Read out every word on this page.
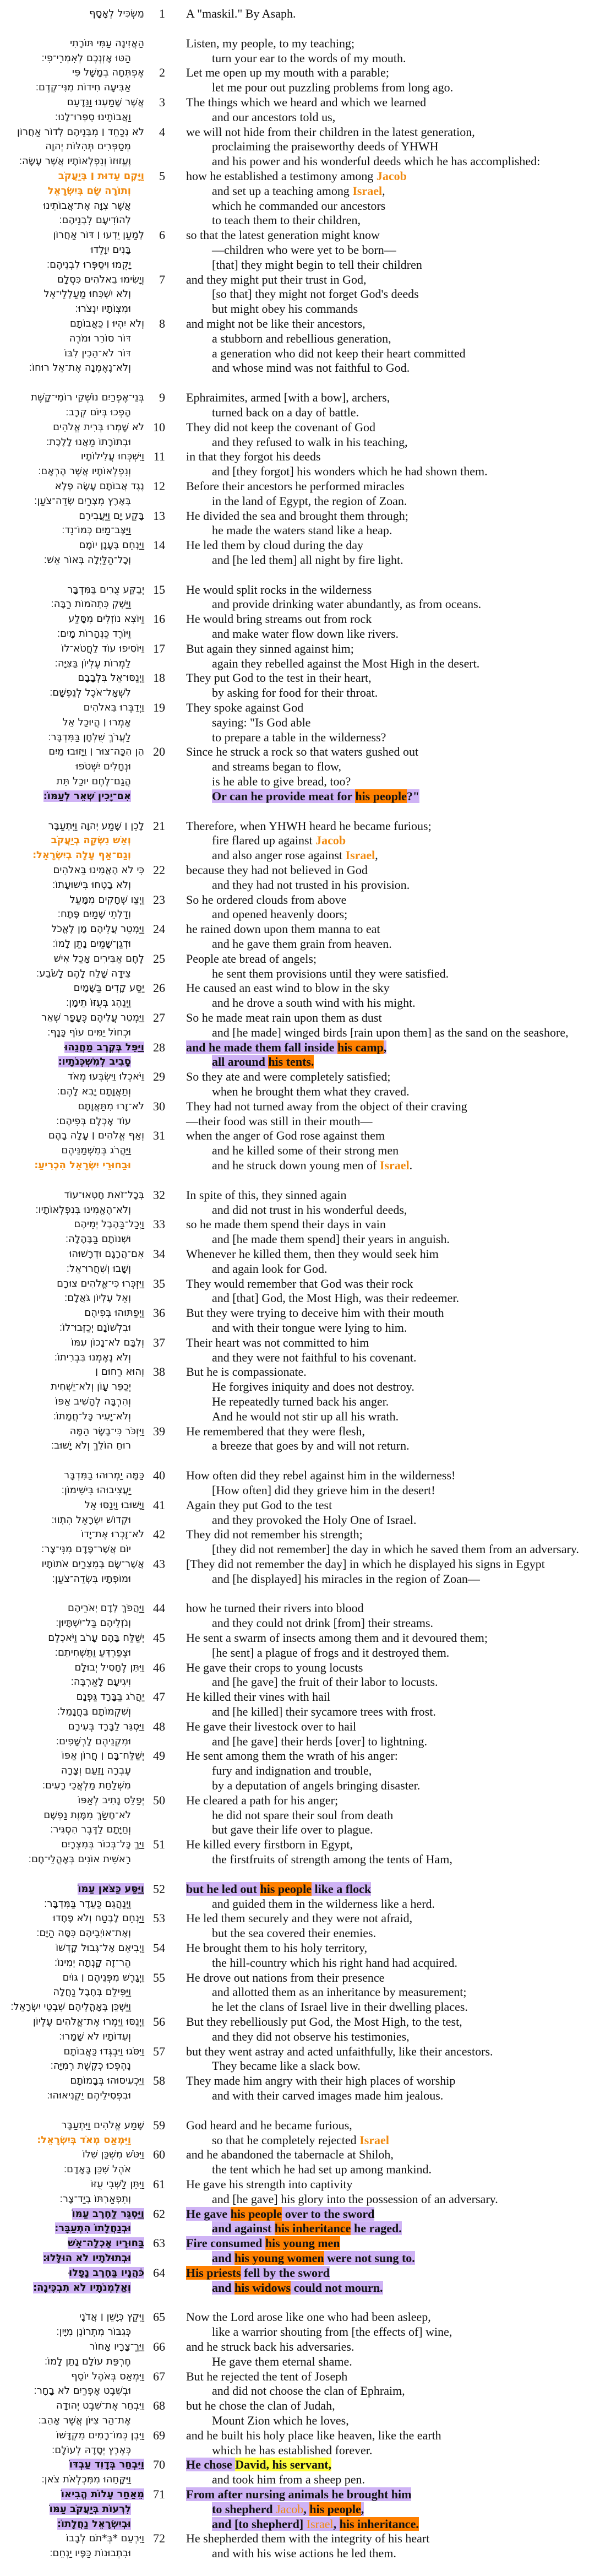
מַשְׂכִּיל לְאָסָף	1	A "maskil." By Asaph.
הַאֲזִינָה עַמִּי תּוֹרָתִי	Listen, my people, to my teaching;
הַטּוּ אָזְנְכֶם לְאִמְרֵי־פִי׃	turn your ear to the words of my mouth.
אֶפְתְּחָה בְמָשָׁל פִּי	2	Let me open up my mouth with a parable;
אַבִּיעָה חִידוֹת מִנִּי־קֶדֶם׃	let me pour out puzzling problems from long ago.
אֲשֶׁר שָׁמַעְנוּ וַנֵּדָעֵם	3	The things which we heard and which we learned
וַאֲבוֹתֵינוּ סִפְּרוּ־לָנוּ׃	and our ancestors told us,
לֹא נְכַחֵד ׀ מִבְּנֵיהֶם לְדוֹר אַחֲרוֹן	4	we will not hide from their children in the latest generation,
מְסַפְּרִים תְּהִלּוֹת יְהוָה	proclaiming the praiseworthy deeds of YHWH
וֶעֱזוּזוֹ וְנִפְלְאוֹתָיו אֲשֶׁר עָשָׂה׃	and his power and his wonderful deeds which he has accomplished:
וַיָּקֶם עֵדוּת ׀ בְּיַעֲקֹב	5	how he established a testimony among Jacob
וְתוֹרָה שָׂם בְּיִשְׂרָאֵל	and set up a teaching among Israel,
אֲשֶׁר צִוָּה אֶת־אֲבוֹתֵינוּ	which he commanded our ancestors
לְהוֹדִיעָם לִבְנֵיהֶם׃	to teach them to their children,
לְמַעַן יֵדְעוּ ׀ דּוֹר אַחֲרוֹן	6	so that the latest generation might know
בָּנִים יִוָּלֵדוּ	—children who were yet to be born—
יָקֻמוּ וִיסַפְּרוּ לִבְנֵיהֶם׃	[that] they might begin to tell their children
וְיָשִׂימוּ בֵאלֹהִים כִּסְלָם	7	and they might put their trust in God,
וְלֹא יִשְׁכְּחוּ מַעַלְלֵי־אֵל	[so that] they might not forget God's deeds
וּמִצְוֺתָיו יִנְצֹרוּ׃	but might obey his commands
וְלֹא יִהְיוּ ׀ כַּאֲבוֹתָם	8	and might not be like their ancestors,
דּוֹר סוֹרֵר וּמֹרֶה	a stubborn and rebellious generation,
דּוֹר לֹא־הֵכִין לִבּוֹ	a generation who did not keep their heart committed
וְלֹא־נֶאֶמְנָה אֶת־אֵל רוּחוֹ׃	and whose mind was not faithful to God.
בְּנֵי־אֶפְרַיִם נוֹשְׁקֵי רוֹמֵי־קָשֶׁת	9	Ephraimites, armed [with a bow], archers,
הָפְכוּ בְּיוֹם קְרָב׃	turned back on a day of battle.
לֹא שָׁמְרוּ בְּרִית אֱלֹהִים 10	They did not keep the covenant of God
וּבְתוֹרָתוֹ מֵאֲנוּ לָלֶכֶת׃	and they refused to walk in his teaching,
וַיִּשְׁכְּחוּ עֲלִילוֹתָיו 11	in that they forgot his deeds
וְנִפְלְאוֹתָיו אֲשֶׁר הֶרְאָם׃	and [they forgot] his wonders which he had shown them.
נֶגֶד אֲבוֹתָם עָשָׂה פֶלֶא 12	Before their ancestors he performed miracles
בְּאֶרֶץ מִצְרַיִם שְׂדֵה־צֹעַן׃	in the land of Egypt, the region of Zoan.
בָּקַע יָם וַיַּעֲבִירֵם 13	He divided the sea and brought them through;
וַיַּצֶּב־מַיִם כְּמוֹ־נֵד׃	he made the waters stand like a heap.
וַיַּנְחֵם בֶּעָנָן יוֹמָם 14	He led them by cloud during the day
וְכָל־הַלַּיְלָה בְּאוֹר אֵשׁ׃	and [he led them] all night by fire light.
יְבַקַּע צֻרִים בַּמִּדְבָּר 15	He would split rocks in the wilderness
וַיַּשְׁקְ כִּתְהֹמוֹת רַבָּה׃	and provide drinking water abundantly, as from oceans.
וַיּוֹצִא נוֹזְלִים מִסָּלַע 16	He would bring streams out from rock
וַיּוֹרֶד כַּנְּהָרוֹת מָיִם׃	and make water flow down like rivers.
וַיּוֹסִיפוּ עוֹד לַחֲטֹא־לוֹ 17	But again they sinned against him;
לַמְרוֹת עֶלְיוֹן בַּצִּיָּה׃	again they rebelled against the Most High in the desert.
וַיְנַסּוּ־אֵל בִּלְבָבָם 18	They put God to the test in their heart,
לִשְׁאָל־אֹכֶל לְנַפְשָׁם׃	by asking for food for their throat.
וַיְדַבְּרוּ בֵּאלֹהִים 19	They spoke against God
אָמְרוּ ׀ הֲיוּכַל אֵל	saying: "Is God able
לַעֲרֹךְ שֻׁלְחָן בַּמִּדְבָּר׃	to prepare a table in the wilderness?
הֵן הִכָּה־צוּר ׀ וַיָּזוּבוּ מַיִם 20	Since he struck a rock so that waters gushed out
וּנְחָלִים יִשְׁטֹפוּ	and streams began to flow,
הֲגַם־לֶחֶם יוּכַל תֵּת	is he able to give bread, too?
אִם־יָכִין שְׁאֵר לְעַמּוֹ׃	Or can he provide meat for his people?"
לָכֵן ׀ שָׁמַע יְהוָה וַיִּתְעַבָּר 21	Therefore, when YHWH heard he became furious;
וְאֵשׁ נִשְּׂקָה בְיַעֲקֹב	fire flared up against Jacob
וְגַם־אַף עָלָה בְיִשְׂרָאֵל׃	and also anger rose against Israel,
כִּי לֹא הֶאֱמִינוּ בֵּאלֹהִים 22	because they had not believed in God
וְלֹא בָטְחוּ בִּישׁוּעָתוֹ׃	and they had not trusted in his provision.
וַיְצַו שְׁחָקִים מִמָּעַל 23	So he ordered clouds from above
וְדַלְתֵי שָׁמַיִם פָּתָח׃	and opened heavenly doors;
וַיַּמְטֵר עֲלֵיהֶם מָן לֶאֱכֹל 24	he rained down upon them manna to eat
וּדְגַן־שָׁמַיִם נָתַן לָמוֹ׃	and he gave them grain from heaven.
לֶחֶם אַבִּירִים אָכַל אִישׁ 25	People ate bread of angels;
צֵידָה שָׁלַח לָהֶם לָשֹׂבַע׃	he sent them provisions until they were satisfied.
יַסַּע קָדִים בַּשָּׁמָיִם 26	He caused an east wind to blow in the sky
וַיְנַהֵג בְּעֻזּוֹ תֵימָן׃	and he drove a south wind with his might.
וַיַּמְטֵר עֲלֵיהֶם כֶּעָפָר שְׁאֵר 27	So he made meat rain upon them as dust
וּכְחוֹל יַמִּים עוֹף כָּנָף׃	and [he made] winged birds [rain upon them] as the sand on the seashore,
וַיַּפֵּל בְּקֶרֶב מַחֲנֵהוּ 28	and he made them fall inside his camp,
סָבִיב לְמִשְׁכְּנֹתָיו׃	all around his tents.
וַיֹּאכְלוּ וַיִּשְׂבְּעוּ מְאֹד 29	So they ate and were completely satisfied;
וְתַאֲוָתָם יָבִא לָהֶם׃	when he brought them what they craved.
לֹא־זָרוּ מִתַּאֲוָתָם 30	They had not turned away from the object of their craving
עוֹד אָכְלָם בְּפִיהֶם׃	—their food was still in their mouth—
וְאַף אֱלֹהִים ׀ עָלָה בָהֶם 31	when the anger of God rose against them
וַיַּהֲרֹג בְּמִשְׁמַנֵּיהֶם	and he killed some of their strong men
וּבַחוּרֵי יִשְׂרָאֵל הִכְרִיעַ׃	and he struck down young men of Israel.
בְּכָל־זֹאת חָטְאוּ־עוֹד 32	In spite of this, they sinned again
וְלֹא־הֶאֱמִינוּ בְּנִפְלְאוֹתָיו׃	and did not trust in his wonderful deeds,
וַיְכַל־בַּהֶבֶל יְמֵיהֶם 33	so he made them spend their days in vain
וּשְׁנוֹתָם בַּבֶּהָלָה׃	and [he made them spend] their years in anguish.
אִם־הֲרָגָם וּדְרָשׁוּהוּ 34	Whenever he killed them, then they would seek him
וְשָׁבוּ וְשִׁחֲרוּ־אֵל׃	and again look for God.
וַיִּזְכְּרוּ כִּי־אֱלֹהִים צוּרָם 35	They would remember that God was their rock
וְאֵל עֶלְיוֹן גֹּאֲלָם׃	and [that] God, the Most High, was their redeemer.
וַיְפַתּוּהוּ בְּפִיהֶם 36	But they were trying to deceive him with their mouth
וּבִלְשׁוֹנָם יְכַזְּבוּ־לוֹ׃	and with their tongue were lying to him.
וְלִבָּם לֹא־נָכוֹן עִמּוֹ 37	Their heart was not committed to him
וְלֹא נֶאֶמְנוּ בִּבְרִיתוֹ׃	and they were not faithful to his covenant.
וְהוּא רַחוּם ׀ 38	But he is compassionate.
יְכַפֵּר עָוֺן וְלֹא־יַשְׁחִית	He forgives iniquity and does not destroy.
וְהִרְבָּה לְהָשִׁיב אַפּוֹ	He repeatedly turned back his anger.
וְלֹא־יָעִיר כָּל־חֲמָתוֹ׃	And he would not stir up all his wrath.
וַיִּזְכֹּר כִּי־בָשָׂר הֵמָּה 39	He remembered that they were flesh,
רוּחַ הוֹלֵךְ וְלֹא יָשׁוּב׃	a breeze that goes by and will not return.
כַּמָּה יַמְרוּהוּ בַמִּדְבָּר 40	How often did they rebel against him in the wilderness!
יַעֲצִיבוּהוּ בִּישִׁימוֹן׃	[How often] did they grieve him in the desert!
וַיָּשׁוּבוּ וַיְנַסּוּ אֵל 41	Again they put God to the test
וּקְדוֹשׁ יִשְׂרָאֵל הִתְווּ׃	and they provoked the Holy One of Israel.
לֹא־זָכְרוּ אֶת־יָדוֹ 42	They did not remember his strength;
יוֹם אֲשֶׁר־פָּדָם מִנִּי־צָר׃	[they did not remember] the day in which he saved them from an adversary.
אֲשֶׁר־שָׂם בְּמִצְרַיִם אֹתוֹתָיו 43	[They did not remember the day] in which he displayed his signs in Egypt
וּמוֹפְתָיו בִּשְׂדֵה־צֹעַן׃	and [he displayed] his miracles in the region of Zoan—
וַיַּהֲפֹךְ לְדָם יְאֹרֵיהֶם 44	how he turned their rivers into blood
וְנֹזְלֵיהֶם בַּל־יִשְׁתָּיוּן׃	and they could not drink [from] their streams.
יְשַׁלַּח בָּהֶם עָרֹב וַיֹּאכְלֵם 45	He sent a swarm of insects among them and it devoured them;
וּצְפַרְדֵּעַ וַתַּשְׁחִיתֵם׃	[he sent] a plague of frogs and it destroyed them.
וַיִּתֵּן לֶחָסִיל יְבוּלָם 46	He gave their crops to young locusts
וִיגִיעָם לָאַרְבֶּה׃	and [he gave] the fruit of their labor to locusts.
יַהֲרֹג בַּבָּרָד גַּפְנָם 47	He killed their vines with hail
וְשִׁקְמוֹתָם בַּחֲנָמַל׃	and [he killed] their sycamore trees with frost.
וַיַּסְגֵּר לַבָּרָד בְּעִירָם 48	He gave their livestock over to hail
וּמִקְנֵיהֶם לָרְשָׁפִים׃	and [he gave] their herds [over] to lightning.
יְשַׁלַּח־בָּם ׀ חֲרוֹן אַפּוֹ 49	He sent among them the wrath of his anger:
עֶבְרָה וָזַעַם וְצָרָה	fury and indignation and trouble,
מִשְׁלַחַת מַלְאֲכֵי רָעִים׃	by a deputation of angels bringing disaster.
יְפַלֵּס נָתִיב לְאַפּוֹ 50	He cleared a path for his anger;
לֹא־חָשַׂךְ מִמָּוֶת נַפְשָׁם	he did not spare their soul from death
וְחַיָּתָם לַדֶּבֶר הִסְגִּיר׃	but gave their life over to plague.
וַיַּךְ כָּל־בְּכוֹר בְּמִצְרָיִם 51	He killed every firstborn in Egypt,
רֵאשִׁית אוֹנִים בְּאָהֳלֵי־חָם׃	the firstfruits of strength among the tents of Ham,
וַיַּסַּע כַּצֹּאן עַמּוֹ 52	but he led out his people like a flock
וַיְנַהֲגֵם כַּעֵדֶר בַּמִּדְבָּר׃	and guided them in the wilderness like a herd.
וַיַּנְחֵם לָבֶטַח וְלֹא פָחָדוּ 53	He led them securely and they were not afraid,
וְאֶת־אוֹיְבֵיהֶם כִּסָּה הַיָּם׃	but the sea covered their enemies.
וַיְבִיאֵם אֶל־גְּבוּל קָדְשׁוֹ 54	He brought them to his holy territory,
הַר־זֶה קָנְתָה יְמִינוֹ׃	the hill-country which his right hand had acquired.
וַיְגָרֶשׁ מִפְּנֵיהֶם ׀ גּוֹיִם 55	He drove out nations from their presence
וַיַּפִּילֵם בְּחֶבֶל נַחֲלָה	and allotted them as an inheritance by measurement;
וַיַּשְׁכֵּן בְּאָהֳלֵיהֶם שִׁבְטֵי יִשְׂרָאֵל׃	he let the clans of Israel live in their dwelling places.
וַיְנַסּוּ וַיַּמְרוּ אֶת־אֱלֹהִים עֶלְיוֹן 56	But they rebelliously put God, the Most High, to the test,
וְעֵדוֹתָיו לֹא שָׁמָרוּ׃	and they did not observe his testimonies,
וַיִּסֹּגוּ וַיִּבְגְּדוּ כַּאֲבוֹתָם 57	but they went astray and acted unfaithfully, like their ancestors.
נֶהְפְּכוּ כְּקֶשֶׁת רְמִיָּה׃	They became like a slack bow.
וַיַּכְעִיסוּהוּ בְּבָמוֹתָם 58	They made him angry with their high places of worship
וּבִפְסִילֵיהֶם יַקְנִיאוּהוּ׃	and with their carved images made him jealous.
שָׁמַע אֱלֹהִים וַיִּתְעַבָּר 59	God heard and he became furious,
וַיִּמְאַס מְאֹד בְּיִשְׂרָאֵל׃	so that he completely rejected Israel
וַיִּטֹּשׁ מִשְׁכַּן שִׁלוֹ 60	and he abandoned the tabernacle at Shiloh,
אֹהֶל שִׁכֵּן בָּאָדָם׃	the tent which he had set up among mankind.
וַיִּתֵּן לַשְּׁבִי עֻזּוֹ 61	He gave his strength into captivity
וְתִפְאַרְתּוֹ בְיַד־צָר׃	and [he gave] his glory into the possession of an adversary.
וַיַּסְגֵּר לַחֶרֶב עַמּוֹ 62	He gave his people over to the sword
וּבְנַחֲלָתוֹ הִתְעַבָּר׃	and against his inheritance he raged.
בַּחוּרָיו אָכְלָה־אֵשׁ 63	Fire consumed his young men
וּבְתוּלֹתָיו לֹא הוּלָּלוּ׃	and his young women were not sung to.
כֹּהֲנָיו בַּחֶרֶב נָפָלוּ 64	His priests fell by the sword
וְאַלְמְנֹתָיו לֹא תִבְכֶּינָה׃	and his widows could not mourn.
וַיִּקַץ כְּיָשֵׁן ׀ אֲדֹנָי 65	Now the Lord arose like one who had been asleep,
כְּגִבּוֹר מִתְרוֹנֵן מִיָּיִן׃	like a warrior shouting from [the effects of] wine,
וַיַּךְ־צָרָיו אָחוֹר 66	and he struck back his adversaries.
חֶרְפַּת עוֹלָם נָתַן לָמוֹ׃	He gave them eternal shame.
וַיִּמְאַס בְּאֹהֶל יוֹסֵף 67	But he rejected the tent of Joseph
וּבְשֵׁבֶט אֶפְרַיִם לֹא בָחָר׃	and did not choose the clan of Ephraim,
וַיִּבְחַר אֶת־שֵׁבֶט יְהוּדָה 68	but he chose the clan of Judah,
אֶת־הַר צִיּוֹן אֲשֶׁר אָהֵב׃	Mount Zion which he loves,
וַיִּבֶן כְּמוֹ־רָמִים מִקְדָּשׁוֹ 69	and he built his holy place like heaven, like the earth
כְּאֶרֶץ יְסָדָהּ לְעוֹלָם׃	which he has established forever.
וַיִּבְחַר בְּדָוִד עַבְדּוֹ 70	He chose David, his servant,
וַיִּקָּחֵהוּ מִמִּכְלְאֹת צֹאן׃	and took him from a sheep pen.
מֵאַחַר עָלוֹת הֱבִיאוֹ 71	From after nursing animals he brought him
לִרְעוֹת בְּיַעֲקֹב עַמּוֹ	to shepherd Jacob, his people,
וּבְיִשְׂרָאֵל נַחֲלָתוֹ׃	and [to shepherd] Israel, his inheritance.
וַיִּרְעֵם *בְּ*תֹם לְבָבוֹ 72	He shepherded them with the integrity of his heart
וּבִתְבוּנוֹת כַּפָּיו יַנְחֵם׃	and with his wise actions he led them.
